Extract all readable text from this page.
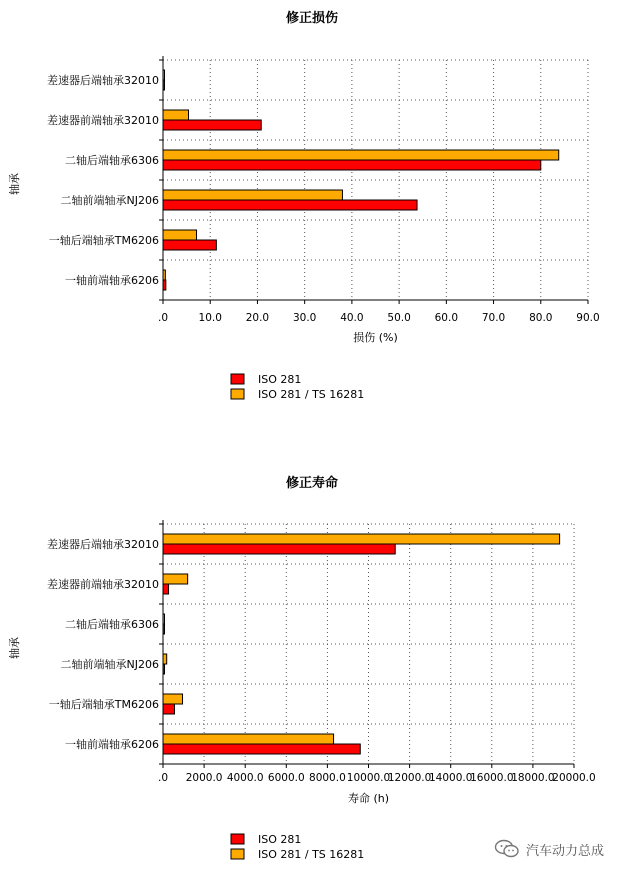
修正损伤
.0	10.0 20.0 30.0 40.0 50.0 60.0 70.0 80.0 90.0
差速器后端轴承32010
差速器前端轴承32010
二轴后端轴承6306
二轴前端轴承NJ206
一轴后端轴承TM6206
一轴前端轴承6206
损伤 (%)
轴承
ISO 281
ISO 281 / TS 16281
修正寿命
.0 2000.0 4000.0 6000.0 8000.0 10000.0
12000.0
14000.0
16000.0
18000.0
20000.0
差速器后端轴承32010
差速器前端轴承32010
二轴后端轴承6306
二轴前端轴承NJ206
一轴后端轴承TM6206
一轴前端轴承6206
寿命 (h)
轴承
ISO 281
ISO 281 / TS 16281	汽车动力总成
